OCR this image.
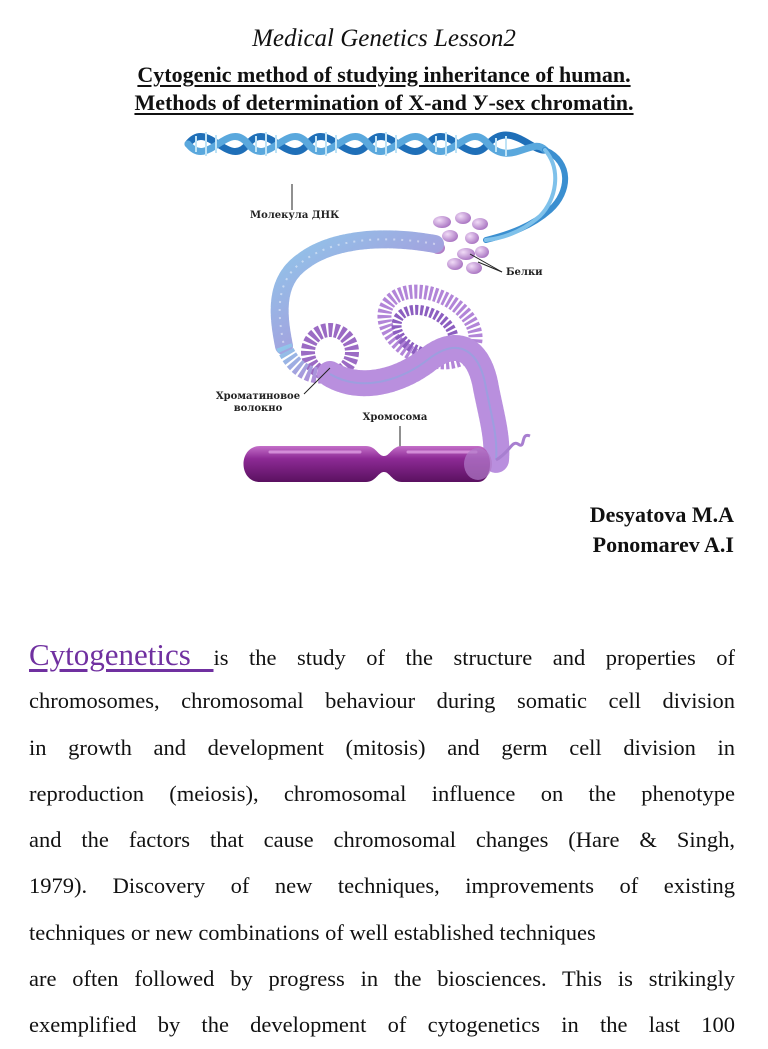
Medical Genetics Lesson2
Cytogenic method of studying inheritance of human.
Methods of determination of X-and У-sex chromatin.
Молекула ДНК
Белки
Хроматиновое
волокно
Хромосома
Desyatova M.A
Ponomarev A.I
Cytogenetics is the study of the structure and properties of
chromosomes, chromosomal behaviour during somatic cell division
in growth and development (mitosis) and germ cell division in
reproduction (meiosis), chromosomal influence on the phenotype
and the factors that cause chromosomal changes (Hare & Singh,
1979). Discovery of new techniques, improvements of existing
techniques or new combinations of well established techniques
are often followed by progress in the biosciences. This is strikingly
exemplified by the development of cytogenetics in the last 100
